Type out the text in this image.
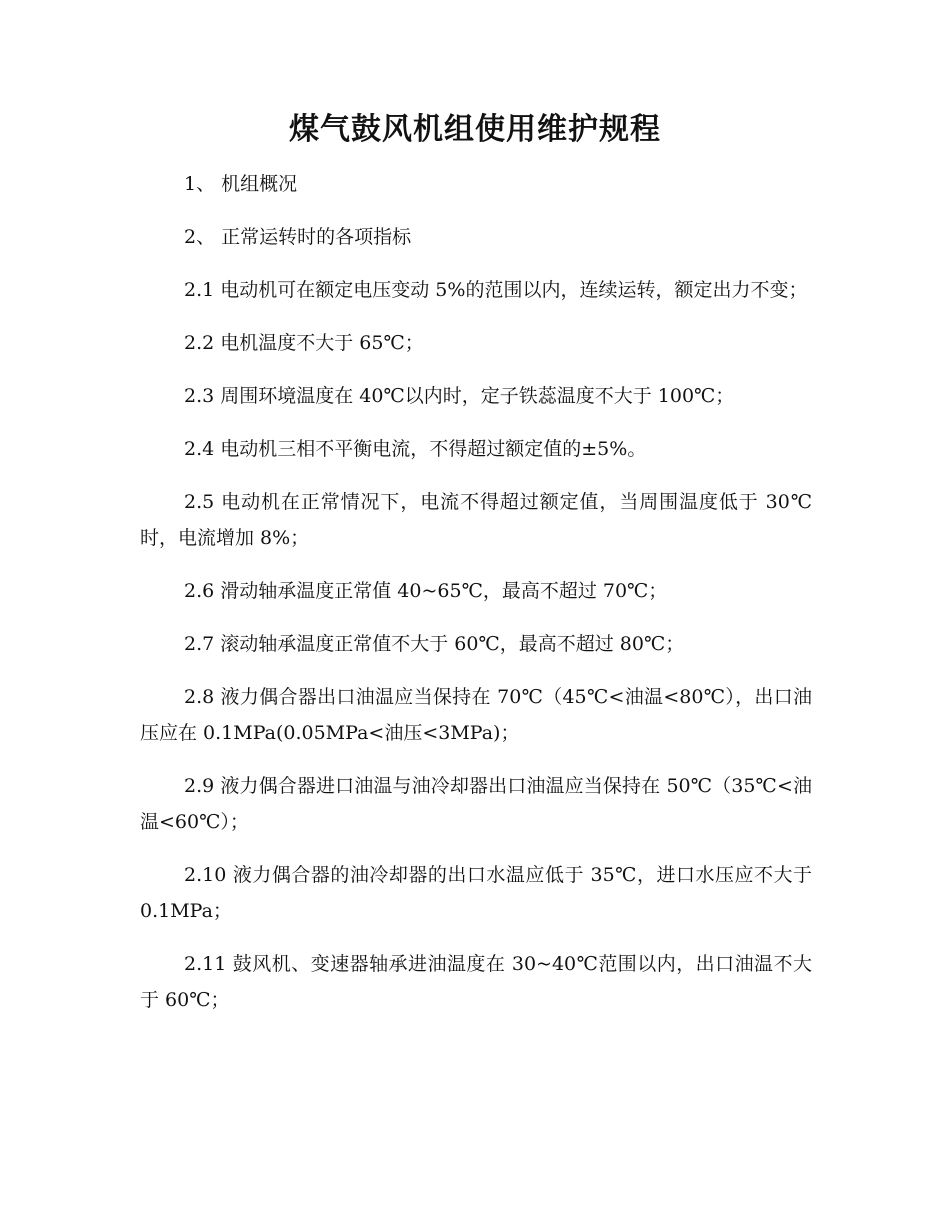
煤气鼓风机组使用维护规程

1、 机组概况

2、 正常运转时的各项指标

2.1 电动机可在额定电压变动 5%的范围以内，连续运转，额定出力不变；

2.2 电机温度不大于 65℃；

2.3 周围环境温度在 40℃以内时，定子铁蕊温度不大于 100℃；

2.4 电动机三相不平衡电流，不得超过额定值的±5%。

2.5 电动机在正常情况下，电流不得超过额定值，当周围温度低于 30℃时，电流增加 8%；

2.6 滑动轴承温度正常值 40~65℃，最高不超过 70℃；

2.7 滚动轴承温度正常值不大于 60℃，最高不超过 80℃；

2.8 液力偶合器出口油温应当保持在 70℃（45℃<油温<80℃），出口油压应在 0.1MPa(0.05MPa<油压<3MPa)；

2.9 液力偶合器进口油温与油冷却器出口油温应当保持在 50℃（35℃<油温<60℃）；

2.10 液力偶合器的油冷却器的出口水温应低于 35℃，进口水压应不大于 0.1MPa；

2.11 鼓风机、变速器轴承进油温度在 30~40℃范围以内，出口油温不大于 60℃；
